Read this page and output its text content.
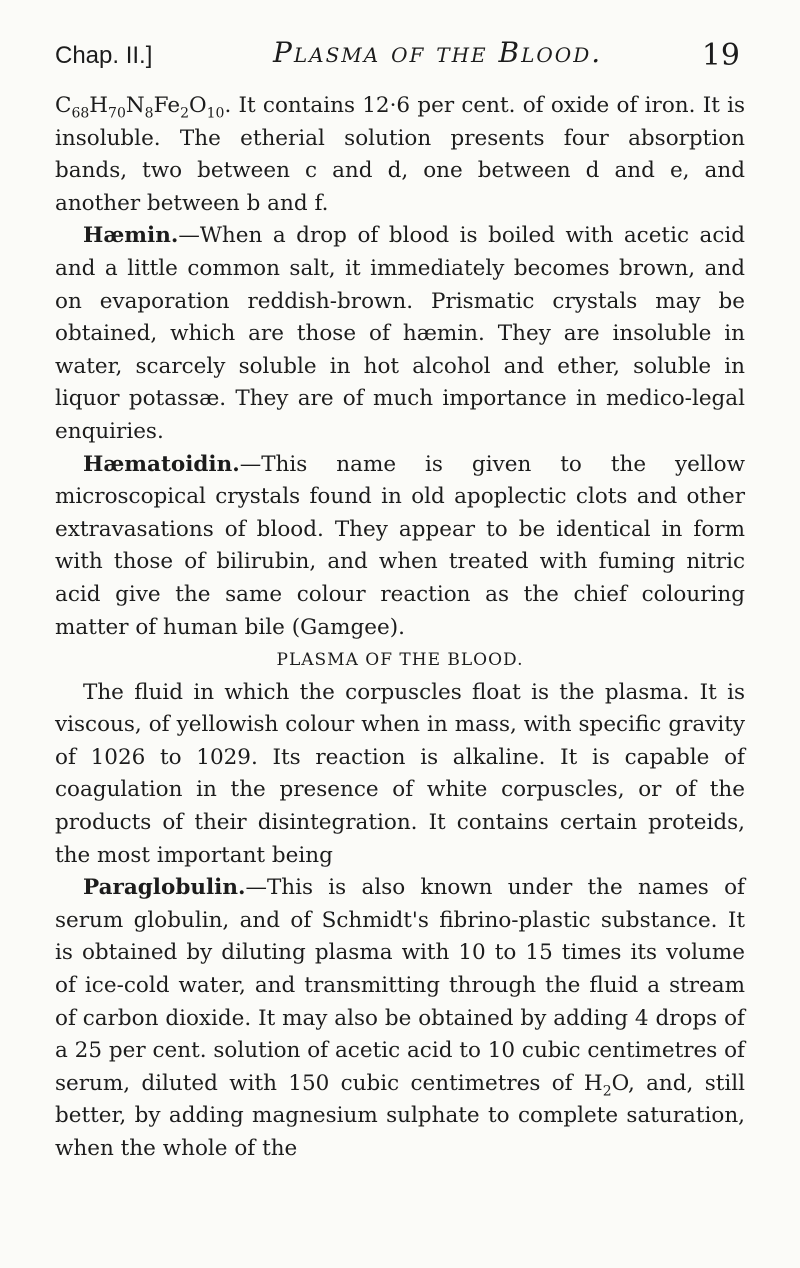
Chap. II.]	Plasma of the Blood.	19

$C_{68}H_{70}N_8Fe_2O_{10}$. It contains 12·6 per cent. of oxide of iron. It is insoluble. The etherial solution presents four absorption bands, two between c and d, one between d and e, and another between b and f.

Hæmin.—When a drop of blood is boiled with acetic acid and a little common salt, it immediately becomes brown, and on evaporation reddish-brown. Prismatic crystals may be obtained, which are those of hæmin. They are insoluble in water, scarcely soluble in hot alcohol and ether, soluble in liquor potassæ. They are of much importance in medico-legal enquiries.

Hæmatoidin.—This name is given to the yellow microscopical crystals found in old apoplectic clots and other extravasations of blood. They appear to be identical in form with those of bilirubin, and when treated with fuming nitric acid give the same colour reaction as the chief colouring matter of human bile (Gamgee).

PLASMA OF THE BLOOD.

The fluid in which the corpuscles float is the plasma. It is viscous, of yellowish colour when in mass, with specific gravity of 1026 to 1029. Its reaction is alkaline. It is capable of coagulation in the presence of white corpuscles, or of the products of their disintegration. It contains certain proteids, the most important being

Paraglobulin.—This is also known under the names of serum globulin, and of Schmidt's fibrino-plastic substance. It is obtained by diluting plasma with 10 to 15 times its volume of ice-cold water, and transmitting through the fluid a stream of carbon dioxide. It may also be obtained by adding 4 drops of a 25 per cent. solution of acetic acid to 10 cubic centimetres of serum, diluted with 150 cubic centimetres of $H_2O$, and, still better, by adding magnesium sulphate to complete saturation, when the whole of the
